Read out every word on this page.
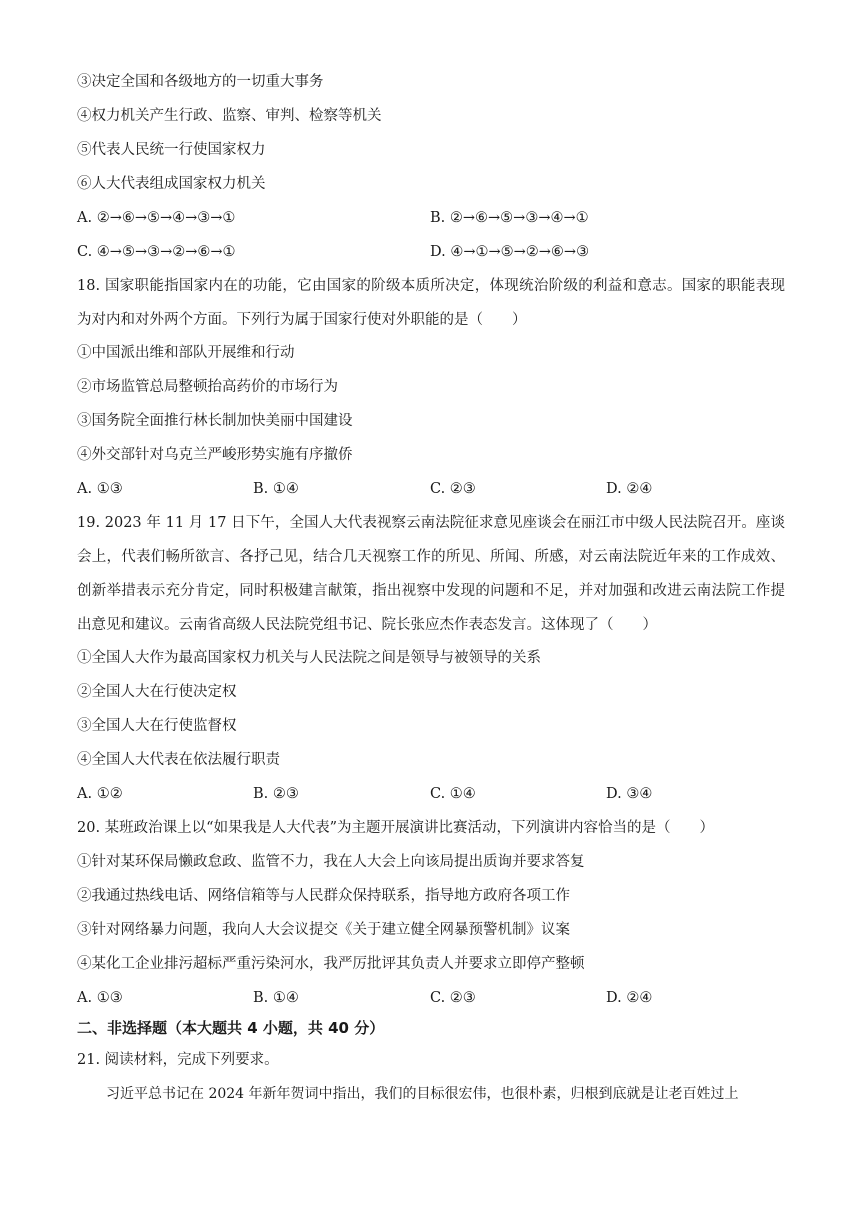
③决定全国和各级地方的一切重大事务
④权力机关产生行政、监察、审判、检察等机关
⑤代表人民统一行使国家权力
⑥人大代表组成国家权力机关
A. ②→⑥→⑤→④→③→①	B. ②→⑥→⑤→③→④→①
C. ④→⑤→③→②→⑥→①	D. ④→①→⑤→②→⑥→③
18. 国家职能指国家内在的功能，它由国家的阶级本质所决定，体现统治阶级的利益和意志。国家的职能表现为对内和对外两个方面。下列行为属于国家行使对外职能的是（　　）
①中国派出维和部队开展维和行动
②市场监管总局整顿抬高药价的市场行为
③国务院全面推行林长制加快美丽中国建设
④外交部针对乌克兰严峻形势实施有序撤侨
A. ①③	B. ①④	C. ②③	D. ②④
19. 2023 年 11 月 17 日下午，全国人大代表视察云南法院征求意见座谈会在丽江市中级人民法院召开。座谈会上，代表们畅所欲言、各抒己见，结合几天视察工作的所见、所闻、所感，对云南法院近年来的工作成效、创新举措表示充分肯定，同时积极建言献策，指出视察中发现的问题和不足，并对加强和改进云南法院工作提出意见和建议。云南省高级人民法院党组书记、院长张应杰作表态发言。这体现了（　　）
①全国人大作为最高国家权力机关与人民法院之间是领导与被领导的关系
②全国人大在行使决定权
③全国人大在行使监督权
④全国人大代表在依法履行职责
A. ①②	B. ②③	C. ①④	D. ③④
20. 某班政治课上以“如果我是人大代表”为主题开展演讲比赛活动，下列演讲内容恰当的是（　　）
①针对某环保局懒政怠政、监管不力，我在人大会上向该局提出质询并要求答复
②我通过热线电话、网络信箱等与人民群众保持联系，指导地方政府各项工作
③针对网络暴力问题，我向人大会议提交《关于建立健全网暴预警机制》议案
④某化工企业排污超标严重污染河水，我严厉批评其负责人并要求立即停产整顿
A. ①③	B. ①④	C. ②③	D. ②④
二、非选择题（本大题共 4 小题，共 40 分）
21. 阅读材料，完成下列要求。
习近平总书记在 2024 年新年贺词中指出，我们的目标很宏伟，也很朴素，归根到底就是让老百姓过上
